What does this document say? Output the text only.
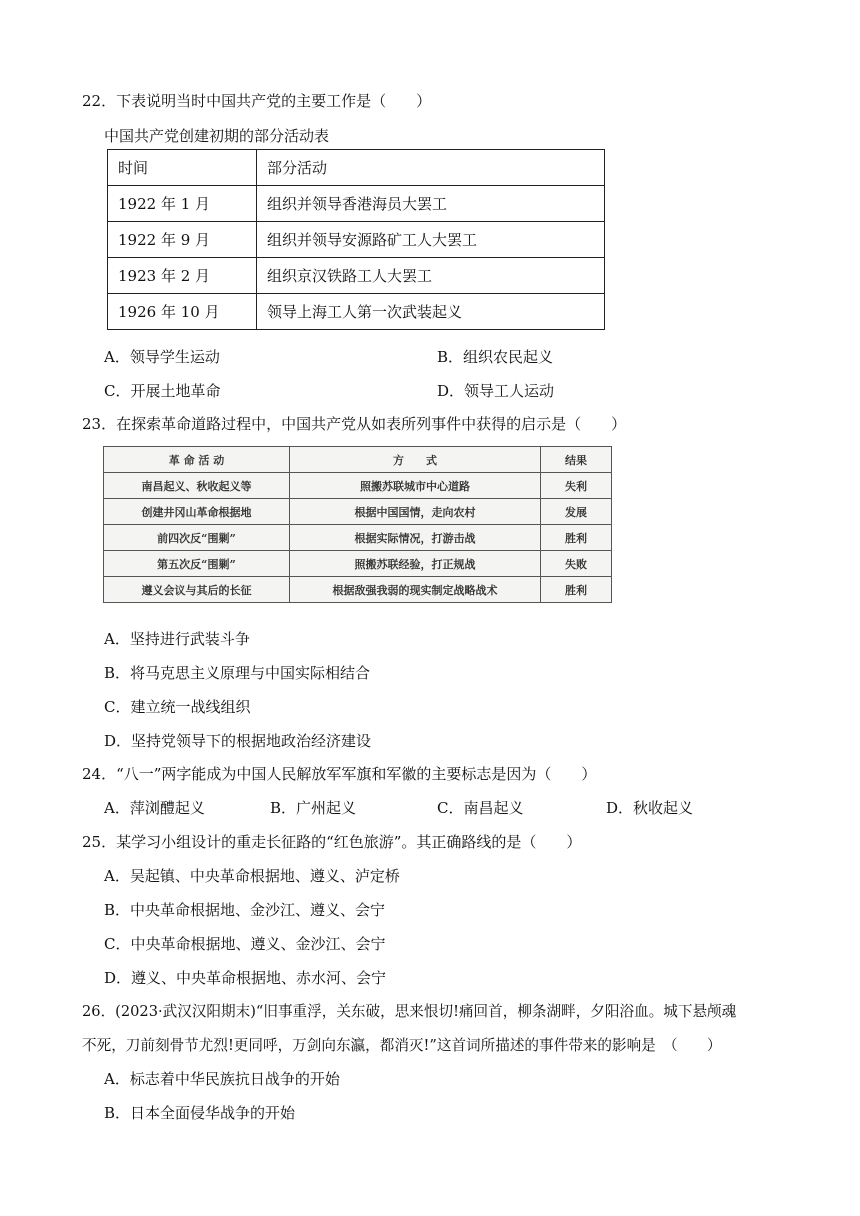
22．下表说明当时中国共产党的主要工作是（　　）
中国共产党创建初期的部分活动表
时间	部分活动
1922 年 1 月	组织并领导香港海员大罢工
1922 年 9 月	组织并领导安源路矿工人大罢工
1923 年 2 月	组织京汉铁路工人大罢工
1926 年 10 月	领导上海工人第一次武装起义
A．领导学生运动	B．组织农民起义
C．开展土地革命	D．领导工人运动
23．在探索革命道路过程中，中国共产党从如表所列事件中获得的启示是（　　）
革 命 活 动	方　　式	结果
南昌起义、秋收起义等	照搬苏联城市中心道路	失利
创建井冈山革命根据地	根据中国国情，走向农村	发展
前四次反“围剿”	根据实际情况，打游击战	胜利
第五次反“围剿”	照搬苏联经验，打正规战	失败
遵义会议与其后的长征	根据敌强我弱的现实制定战略战术	胜利
A．坚持进行武装斗争
B．将马克思主义原理与中国实际相结合
C．建立统一战线组织
D．坚持党领导下的根据地政治经济建设
24．“八一”两字能成为中国人民解放军军旗和军徽的主要标志是因为（　　）
A．萍浏醴起义	B．广州起义	C．南昌起义	D．秋收起义
25．某学习小组设计的重走长征路的“红色旅游”。其正确路线的是（　　）
A．吴起镇、中央革命根据地、遵义、泸定桥
B．中央革命根据地、金沙江、遵义、会宁
C．中央革命根据地、遵义、金沙江、会宁
D．遵义、中央革命根据地、赤水河、会宁
26．(2023·武汉汉阳期末)“旧事重浮，关东破，思来恨切!痛回首，柳条湖畔，夕阳浴血。城下悬颅魂
不死，刀前刻骨节尤烈!更同呼，万剑向东瀛，都消灭!”这首词所描述的事件带来的影响是　（　　）
A．标志着中华民族抗日战争的开始
B．日本全面侵华战争的开始
